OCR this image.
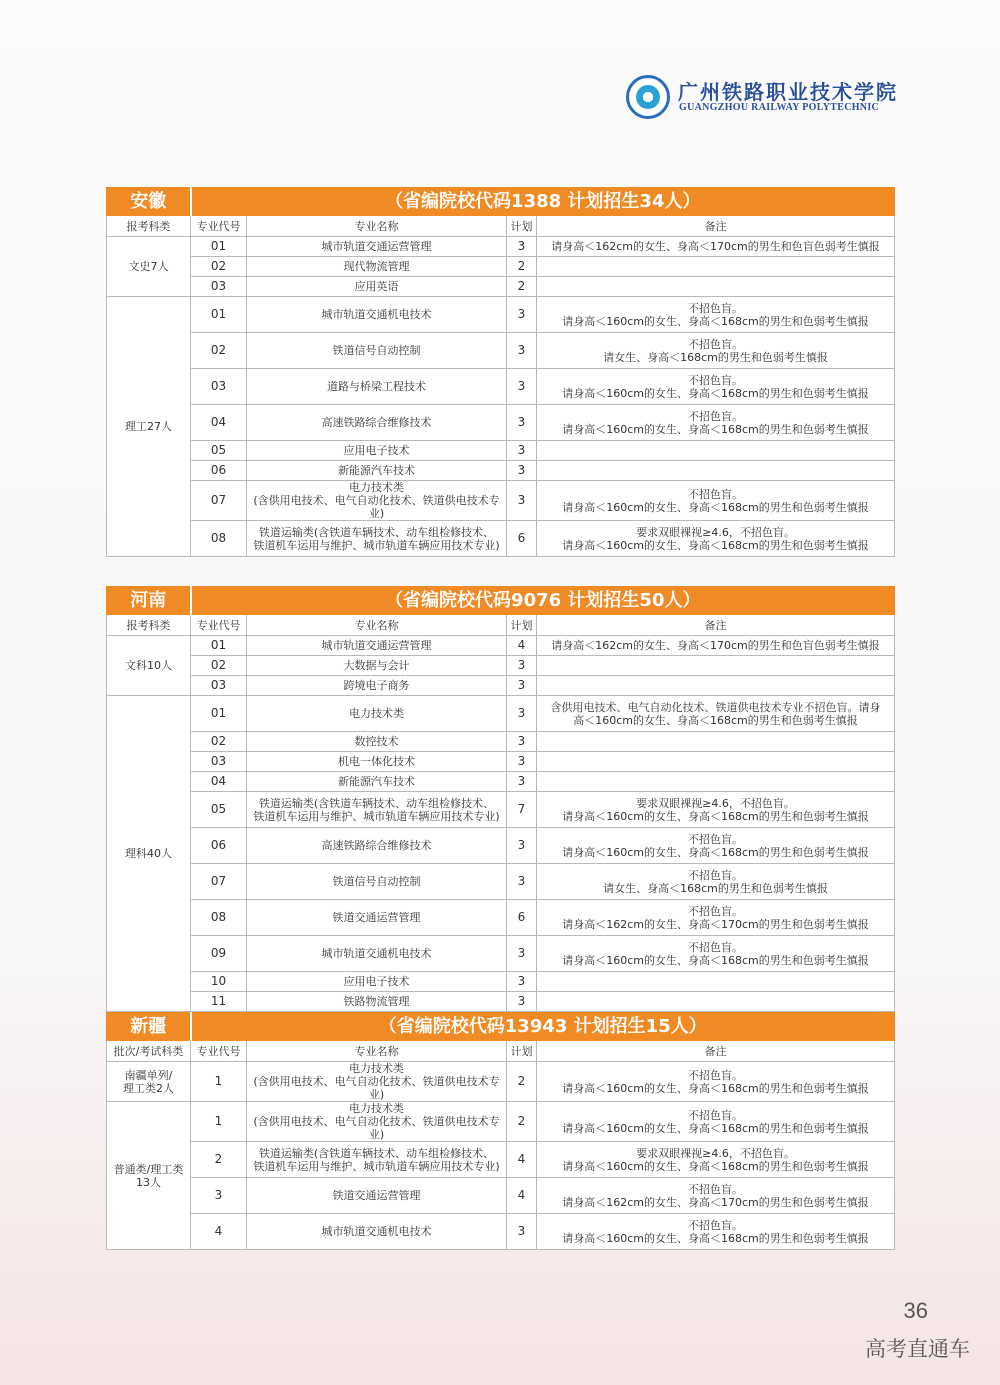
广州铁路职业技术学院
GUANGZHOU RAILWAY POLYTECHNIC
安徽	（省编院校代码1388 计划招生34人）			
报考科类	专业代号	专业名称	计划	备注
文史7人	01	城市轨道交通运营管理	3	请身高＜162cm的女生、身高＜170cm的男生和色盲色弱考生慎报
	02	现代物流管理	2	
	03	应用英语	2	
理工27人	01	城市轨道交通机电技术	3	不招色盲。
请身高＜160cm的女生、身高＜168cm的男生和色弱考生慎报
	02	铁道信号自动控制	3	不招色盲。
请女生、身高＜168cm的男生和色弱考生慎报
	03	道路与桥梁工程技术	3	不招色盲。
请身高＜160cm的女生、身高＜168cm的男生和色弱考生慎报
	04	高速铁路综合维修技术	3	不招色盲。
请身高＜160cm的女生、身高＜168cm的男生和色弱考生慎报
	05	应用电子技术	3	
	06	新能源汽车技术	3	
	07	电力技术类
(含供用电技术、电气自动化技术、铁道供电技术专业)	3	不招色盲。
请身高＜160cm的女生、身高＜168cm的男生和色弱考生慎报
	08	铁道运输类(含铁道车辆技术、动车组检修技术、
铁道机车运用与维护、城市轨道车辆应用技术专业)	6	要求双眼裸视≥4.6，不招色盲。
请身高＜160cm的女生、身高＜168cm的男生和色弱考生慎报
河南	（省编院校代码9076 计划招生50人）			
报考科类	专业代号	专业名称	计划	备注
文科10人	01	城市轨道交通运营管理	4	请身高＜162cm的女生、身高＜170cm的男生和色盲色弱考生慎报
	02	大数据与会计	3	
	03	跨境电子商务	3	
理科40人	01	电力技术类	3	含供用电技术、电气自动化技术、铁道供电技术专业不招色盲。请身
高＜160cm的女生、身高＜168cm的男生和色弱考生慎报
	02	数控技术	3	
	03	机电一体化技术	3	
	04	新能源汽车技术	3	
	05	铁道运输类(含铁道车辆技术、动车组检修技术、
铁道机车运用与维护、城市轨道车辆应用技术专业)	7	要求双眼裸视≥4.6，不招色盲。
请身高＜160cm的女生、身高＜168cm的男生和色弱考生慎报
	06	高速铁路综合维修技术	3	不招色盲。
请身高＜160cm的女生、身高＜168cm的男生和色弱考生慎报
	07	铁道信号自动控制	3	不招色盲。
请女生、身高＜168cm的男生和色弱考生慎报
	08	铁道交通运营管理	6	不招色盲。
请身高＜162cm的女生、身高＜170cm的男生和色弱考生慎报
	09	城市轨道交通机电技术	3	不招色盲。
请身高＜160cm的女生、身高＜168cm的男生和色弱考生慎报
	10	应用电子技术	3	
	11	铁路物流管理	3	
新疆	（省编院校代码13943 计划招生15人）			
批次/考试科类	专业代号	专业名称	计划	备注
南疆单列/
理工类2人	1	电力技术类
(含供用电技术、电气自动化技术、铁道供电技术专业)	2	不招色盲。
请身高＜160cm的女生、身高＜168cm的男生和色弱考生慎报
普通类/理工类
13人	1	电力技术类
(含供用电技术、电气自动化技术、铁道供电技术专业)	2	不招色盲。
请身高＜160cm的女生、身高＜168cm的男生和色弱考生慎报
	2	铁道运输类(含铁道车辆技术、动车组检修技术、
铁道机车运用与维护、城市轨道车辆应用技术专业)	4	要求双眼裸视≥4.6，不招色盲。
请身高＜160cm的女生、身高＜168cm的男生和色弱考生慎报
	3	铁道交通运营管理	4	不招色盲。
请身高＜162cm的女生、身高＜170cm的男生和色弱考生慎报
	4	城市轨道交通机电技术	3	不招色盲。
请身高＜160cm的女生、身高＜168cm的男生和色弱考生慎报
36
高考直通车
